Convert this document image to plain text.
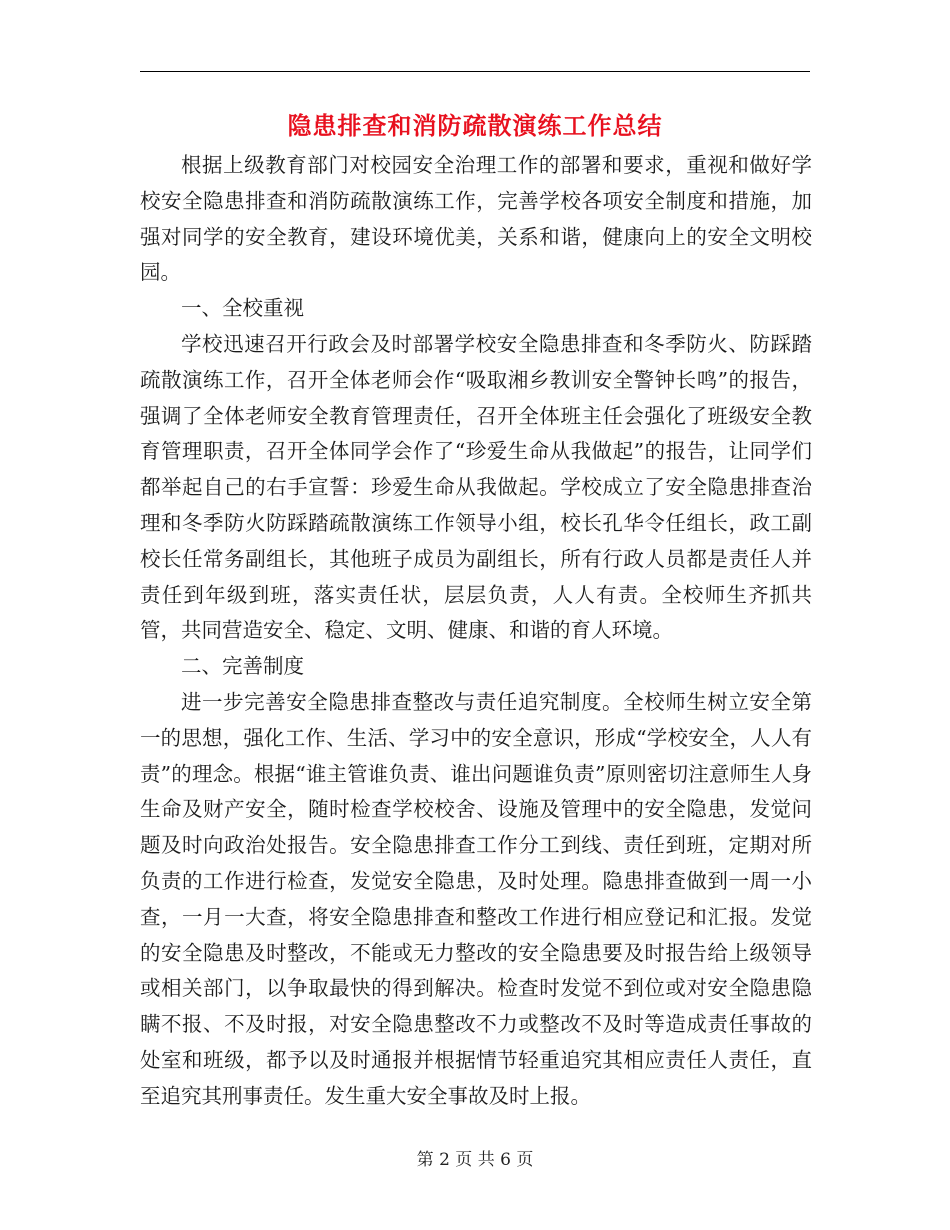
隐患排查和消防疏散演练工作总结

根据上级教育部门对校园安全治理工作的部署和要求，重视和做好学校安全隐患排查和消防疏散演练工作，完善学校各项安全制度和措施，加强对同学的安全教育，建设环境优美，关系和谐，健康向上的安全文明校园。

一、全校重视

学校迅速召开行政会及时部署学校安全隐患排查和冬季防火、防踩踏疏散演练工作，召开全体老师会作“吸取湘乡教训安全警钟长鸣”的报告，强调了全体老师安全教育管理责任，召开全体班主任会强化了班级安全教育管理职责，召开全体同学会作了“珍爱生命从我做起”的报告，让同学们都举起自己的右手宣誓：珍爱生命从我做起。学校成立了安全隐患排查治理和冬季防火防踩踏疏散演练工作领导小组，校长孔华令任组长，政工副校长任常务副组长，其他班子成员为副组长，所有行政人员都是责任人并责任到年级到班，落实责任状，层层负责，人人有责。全校师生齐抓共管，共同营造安全、稳定、文明、健康、和谐的育人环境。

二、完善制度

进一步完善安全隐患排查整改与责任追究制度。全校师生树立安全第一的思想，强化工作、生活、学习中的安全意识，形成“学校安全，人人有责”的理念。根据“谁主管谁负责、谁出问题谁负责”原则密切注意师生人身生命及财产安全，随时检查学校校舍、设施及管理中的安全隐患，发觉问题及时向政治处报告。安全隐患排查工作分工到线、责任到班，定期对所负责的工作进行检查，发觉安全隐患，及时处理。隐患排查做到一周一小查，一月一大查，将安全隐患排查和整改工作进行相应登记和汇报。发觉的安全隐患及时整改，不能或无力整改的安全隐患要及时报告给上级领导或相关部门，以争取最快的得到解决。检查时发觉不到位或对安全隐患隐瞒不报、不及时报，对安全隐患整改不力或整改不及时等造成责任事故的处室和班级，都予以及时通报并根据情节轻重追究其相应责任人责任，直至追究其刑事责任。发生重大安全事故及时上报。

第 2 页 共 6 页
